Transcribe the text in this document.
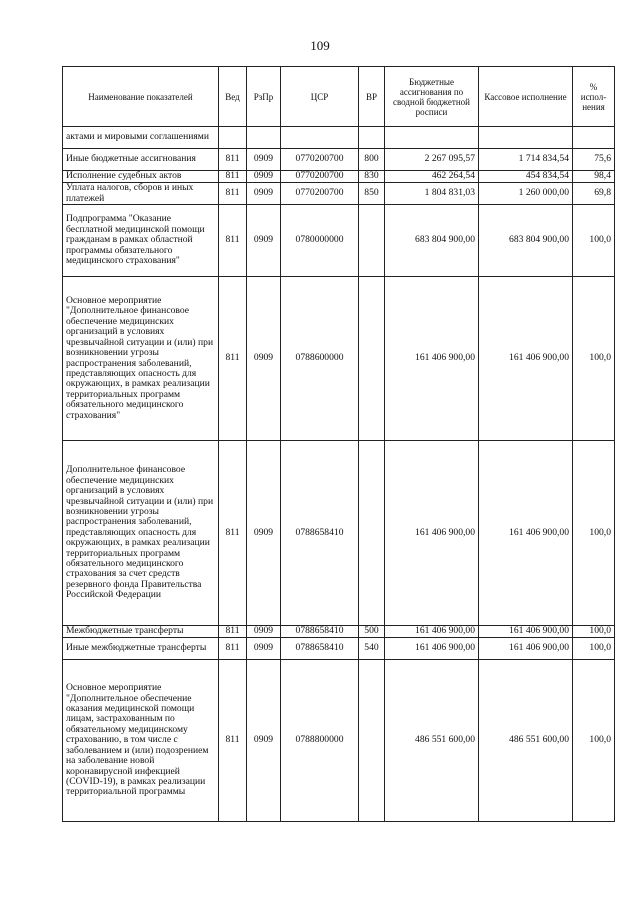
109
Наименование показателей	Вед	РзПр	ЦСР	ВР	Бюджетные ассигнования по сводной бюджетной росписи	Кассовое исполнение	% испол-нения
актами и мировыми соглашениями							
Иные бюджетные ассигнования	811	0909	0770200700	800	2 267 095,57	1 714 834,54	75,6
Исполнение судебных актов	811	0909	0770200700	830	462 264,54	454 834,54	98,4
Уплата налогов, сборов и иных платежей	811	0909	0770200700	850	1 804 831,03	1 260 000,00	69,8
Подпрограмма "Оказание бесплатной медицинской помощи гражданам в рамках областной программы обязательного медицинского страхования"	811	0909	0780000000		683 804 900,00	683 804 900,00	100,0
Основное мероприятие "Дополнительное финансовое обеспечение медицинских организаций в условиях чрезвычайной ситуации и (или) при возникновении угрозы распространения заболеваний, представляющих опасность для окружающих, в рамках реализации территориальных программ обязательного медицинского страхования"	811	0909	0788600000		161 406 900,00	161 406 900,00	100,0
Дополнительное финансовое обеспечение медицинских организаций в условиях чрезвычайной ситуации и (или) при возникновении угрозы распространения заболеваний, представляющих опасность для окружающих, в рамках реализации территориальных программ обязательного медицинского страхования за счет средств резервного фонда Правительства Российской Федерации	811	0909	0788658410		161 406 900,00	161 406 900,00	100,0
Межбюджетные трансферты	811	0909	0788658410	500	161 406 900,00	161 406 900,00	100,0
Иные межбюджетные трансферты	811	0909	0788658410	540	161 406 900,00	161 406 900,00	100,0
Основное мероприятие "Дополнительное обеспечение оказания медицинской помощи лицам, застрахованным по обязательному медицинскому страхованию, в том числе с заболеванием и (или) подозрением на заболевание новой коронавирусной инфекцией (COVID-19), в рамках реализации территориальной программы	811	0909	0788800000		486 551 600,00	486 551 600,00	100,0
